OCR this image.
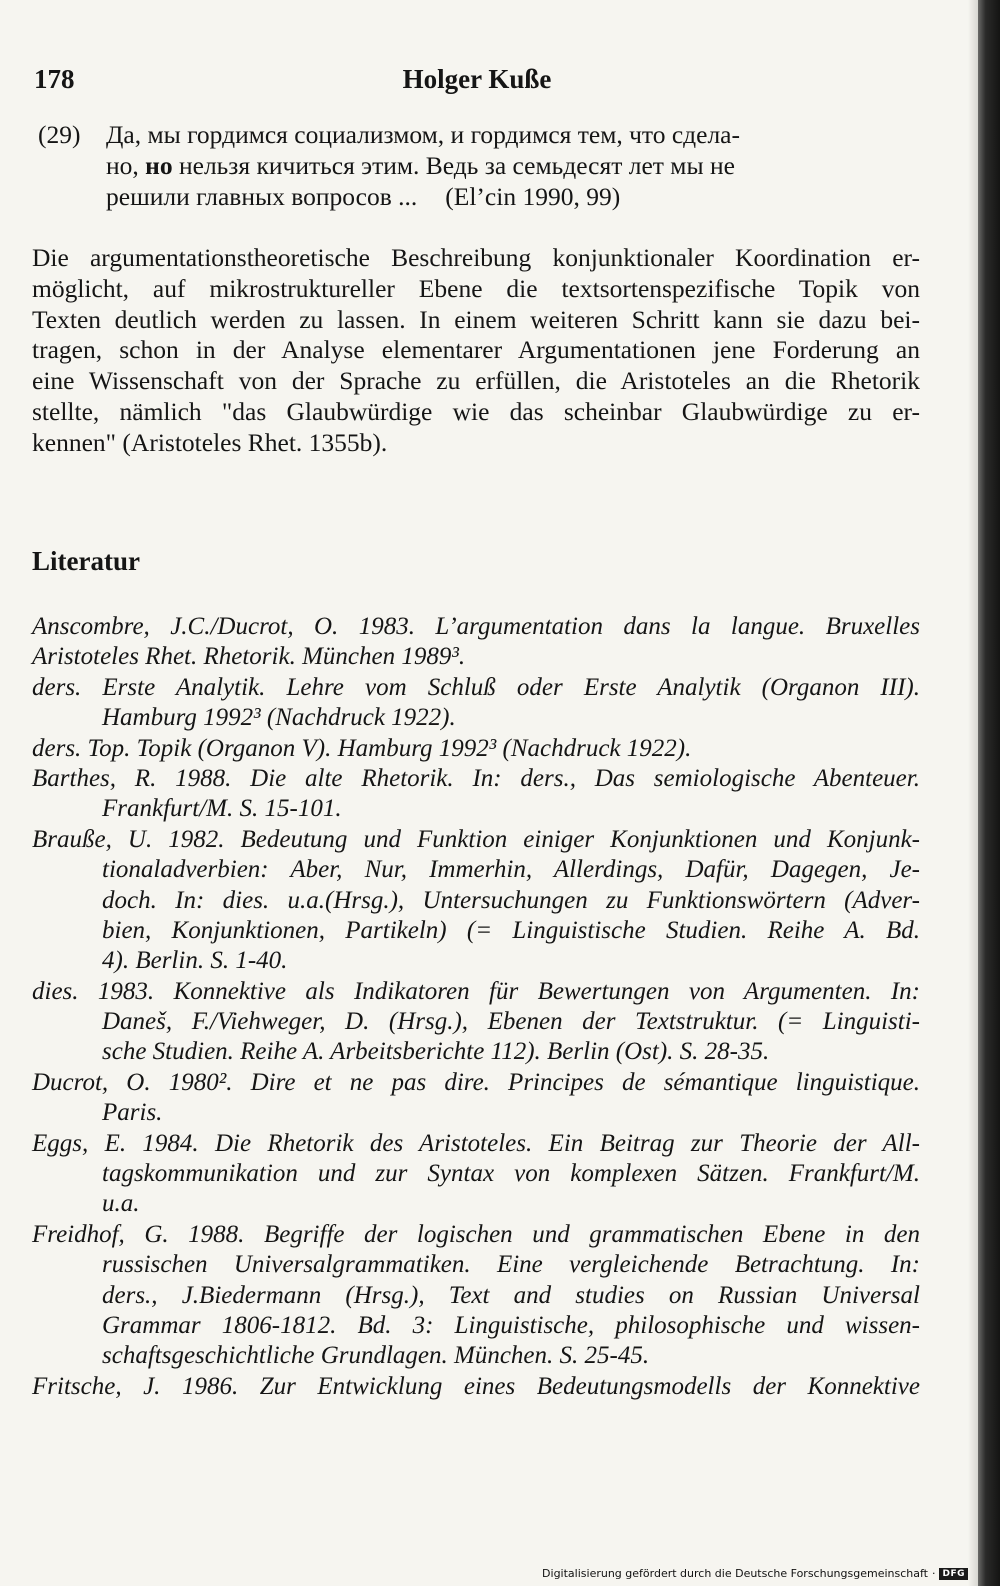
178	Holger Kuße
(29) Да, мы гордимся социализмом, и гордимся тем, что сдела-
но, но нельзя кичиться этим. Ведь за семьдесят лет мы не
решили главных вопросов ... (El’cin 1990, 99)
Die argumentationstheoretische Beschreibung konjunktionaler Koordination er-
möglicht, auf mikrostruktureller Ebene die textsortenspezifische Topik von
Texten deutlich werden zu lassen. In einem weiteren Schritt kann sie dazu bei-
tragen, schon in der Analyse elementarer Argumentationen jene Forderung an
eine Wissenschaft von der Sprache zu erfüllen, die Aristoteles an die Rhetorik
stellte, nämlich "das Glaubwürdige wie das scheinbar Glaubwürdige zu er-
kennen" (Aristoteles Rhet. 1355b).
Literatur
Anscombre, J.C./Ducrot, O. 1983. L’argumentation dans la langue. Bruxelles
Aristoteles Rhet. Rhetorik. München 1989³.
ders. Erste Analytik. Lehre vom Schluß oder Erste Analytik (Organon III).
Hamburg 1992³ (Nachdruck 1922).
ders. Top. Topik (Organon V). Hamburg 1992³ (Nachdruck 1922).
Barthes, R. 1988. Die alte Rhetorik. In: ders., Das semiologische Abenteuer.
Frankfurt/M. S. 15-101.
Brauße, U. 1982. Bedeutung und Funktion einiger Konjunktionen und Konjunk-
tionaladverbien: Aber, Nur, Immerhin, Allerdings, Dafür, Dagegen, Je-
doch. In: dies. u.a.(Hrsg.), Untersuchungen zu Funktionswörtern (Adver-
bien, Konjunktionen, Partikeln) (= Linguistische Studien. Reihe A. Bd.
4). Berlin. S. 1-40.
dies. 1983. Konnektive als Indikatoren für Bewertungen von Argumenten. In:
Daneš, F./Viehweger, D. (Hrsg.), Ebenen der Textstruktur. (= Linguisti-
sche Studien. Reihe A. Arbeitsberichte 112). Berlin (Ost). S. 28-35.
Ducrot, O. 1980². Dire et ne pas dire. Principes de sémantique linguistique.
Paris.
Eggs, E. 1984. Die Rhetorik des Aristoteles. Ein Beitrag zur Theorie der All-
tagskommunikation und zur Syntax von komplexen Sätzen. Frankfurt/M.
u.a.
Freidhof, G. 1988. Begriffe der logischen und grammatischen Ebene in den
russischen Universalgrammatiken. Eine vergleichende Betrachtung. In:
ders., J.Biedermann (Hrsg.), Text and studies on Russian Universal
Grammar 1806-1812. Bd. 3: Linguistische, philosophische und wissen-
schaftsgeschichtliche Grundlagen. München. S. 25-45.
Fritsche, J. 1986. Zur Entwicklung eines Bedeutungsmodells der Konnektive
Digitalisierung gefördert durch die Deutsche Forschungsgemeinschaft · DFG
